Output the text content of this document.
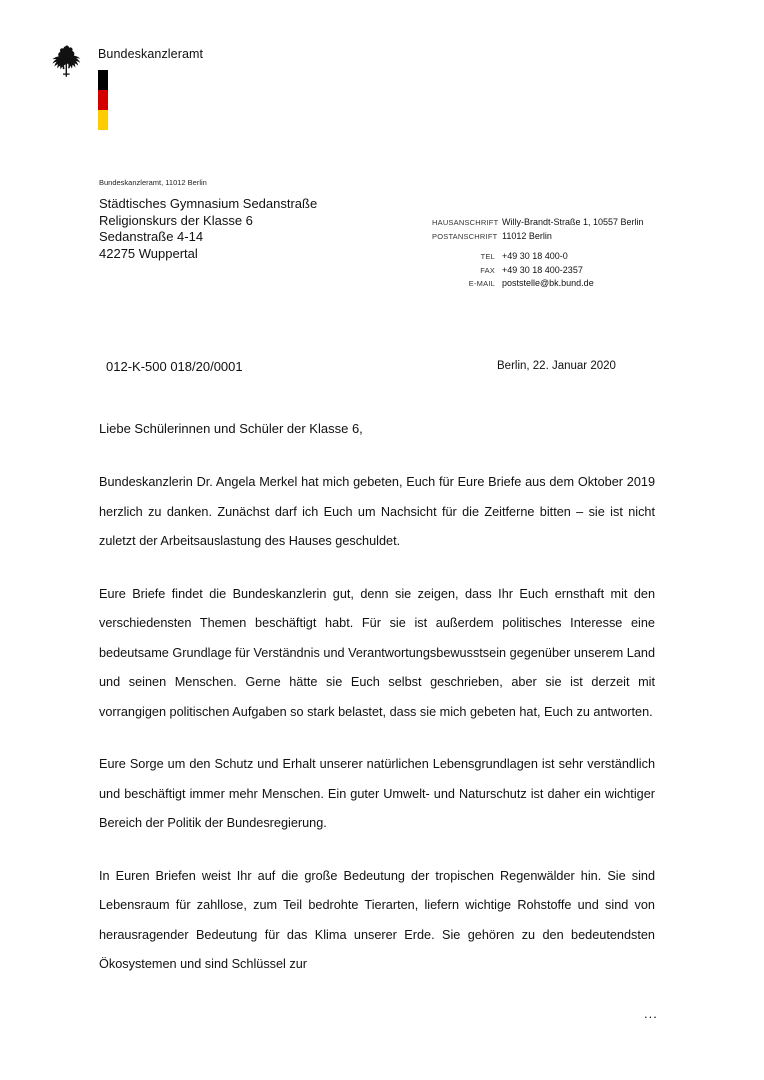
Bundeskanzleramt
Bundeskanzleramt, 11012 Berlin
Städtisches Gymnasium Sedanstraße
Religionskurs der Klasse 6
Sedanstraße 4-14
42275 Wuppertal
HAUSANSCHRIFT Willy-Brandt-Straße 1, 10557 Berlin
POSTANSCHRIFT 11012 Berlin
TEL +49 30 18 400-0
FAX +49 30 18 400-2357
E-MAIL poststelle@bk.bund.de
012-K-500 018/20/0001	Berlin, 22. Januar 2020
Liebe Schülerinnen und Schüler der Klasse 6,

Bundeskanzlerin Dr. Angela Merkel hat mich gebeten, Euch für Eure Briefe aus dem Oktober 2019 herzlich zu danken. Zunächst darf ich Euch um Nachsicht für die Zeitferne bitten – sie ist nicht zuletzt der Arbeitsauslastung des Hauses geschuldet.

Eure Briefe findet die Bundeskanzlerin gut, denn sie zeigen, dass Ihr Euch ernsthaft mit den verschiedensten Themen beschäftigt habt. Für sie ist außerdem politisches Interesse eine bedeutsame Grundlage für Verständnis und Verantwortungsbewusstsein gegenüber unserem Land und seinen Menschen. Gerne hätte sie Euch selbst geschrieben, aber sie ist derzeit mit vorrangigen politischen Aufgaben so stark belastet, dass sie mich gebeten hat, Euch zu antworten.

Eure Sorge um den Schutz und Erhalt unserer natürlichen Lebensgrundlagen ist sehr verständlich und beschäftigt immer mehr Menschen. Ein guter Umwelt- und Naturschutz ist daher ein wichtiger Bereich der Politik der Bundesregierung.

In Euren Briefen weist Ihr auf die große Bedeutung der tropischen Regenwälder hin. Sie sind Lebensraum für zahllose, zum Teil bedrohte Tierarten, liefern wichtige Rohstoffe und sind von herausragender Bedeutung für das Klima unserer Erde. Sie gehören zu den bedeutendsten Ökosystemen und sind Schlüssel zur

...
